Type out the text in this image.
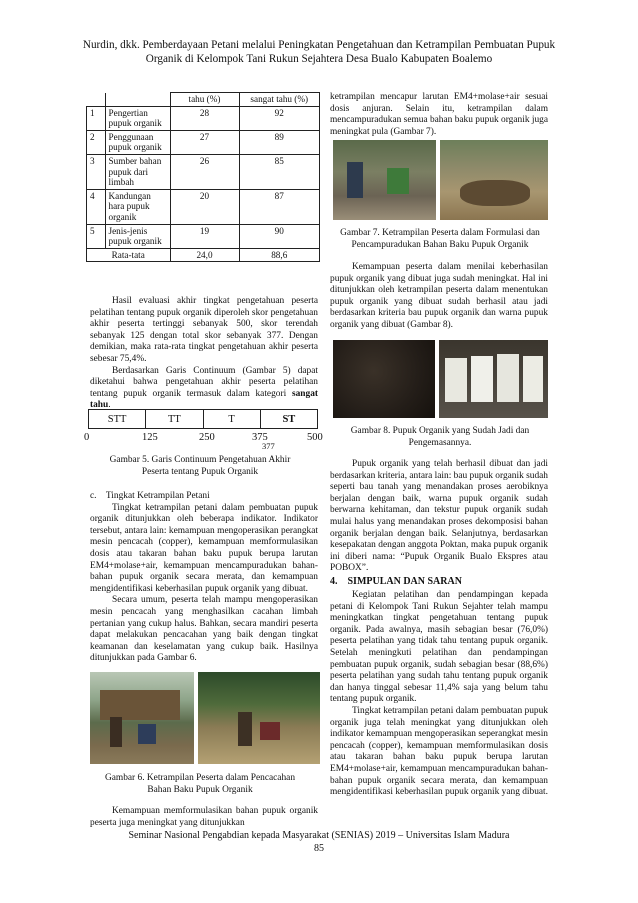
Nurdin, dkk. Pemberdayaan Petani melalui Peningkatan Pengetahuan dan Ketrampilan Pembuatan Pupuk
Organik di Kelompok Tani Rukun Sejahtera Desa Bualo Kabupaten Boalemo
		tahu (%)	sangat tahu (%)
1	Pengertian pupuk organik	28	92
2	Penggunaan pupuk organik	27	89
3	Sumber bahan pupuk dari limbah	26	85
4	Kandungan hara pupuk organik	20	87
5	Jenis-jenis pupuk organik	19	90
Rata-tata		24,0	88,6

Hasil evaluasi akhir tingkat pengetahuan peserta pelatihan tentang pupuk organik diperoleh skor pengetahuan akhir peserta tertinggi sebanyak 500, skor terendah sebanyak 125 dengan total skor sebanyak 377. Dengan demikian, maka rata-rata tingkat pengetahuan akhir peserta sebesar 75,4%.

Berdasarkan Garis Continuum (Gambar 5) dapat diketahui bahwa pengetahuan akhir peserta pelatihan tentang pupuk organik termasuk dalam kategori sangat tahu.

STT	TT	T	ST
0	125	250	375
377
500
Gambar 5. Garis Continuum Pengetahuan Akhir
Peserta tentang Pupuk Organik

c. Tingkat Ketrampilan Petani

Tingkat ketrampilan petani dalam pembuatan pupuk organik ditunjukkan oleh beberapa indikator. Indikator tersebut, antara lain: kemampuan mengoperasikan perangkat mesin pencacah (copper), kemampuan memformulasikan dosis atau takaran bahan baku pupuk berupa larutan EM4+molase+air, kemampuan mencampuradukan bahan-bahan pupuk organik secara merata, dan kemampuan mengidentifikasi keberhasilan pupuk organik yang dibuat.

Secara umum, peserta telah mampu mengoperasikan mesin pencacah yang menghasilkan cacahan limbah pertanian yang cukup halus. Bahkan, secara mandiri peserta dapat melakukan pencacahan yang baik dengan tingkat keamanan dan keselamatan yang cukup baik. Hasilnya ditunjukkan pada Gambar 6.

Gambar 6. Ketrampilan Peserta dalam Pencacahan
Bahan Baku Pupuk Organik

Kemampuan memformulasikan bahan pupuk organik peserta juga meningkat yang ditunjukkan

ketrampilan mencapur larutan EM4+molase+air sesuai dosis anjuran. Selain itu, ketrampilan dalam mencampuradukan semua bahan baku pupuk organik juga meningkat pula (Gambar 7).

Gambar 7. Ketrampilan Peserta dalam Formulasi dan
Pencampuradukan Bahan Baku Pupuk Organik

Kemampuan peserta dalam menilai keberhasilan pupuk organik yang dibuat juga sudah meningkat. Hal ini ditunjukkan oleh ketrampilan peserta dalam menentukan pupuk organik yang dibuat sudah berhasil atau jadi berdasarkan kriteria bau pupuk organik dan warna pupuk organik yang dibuat (Gambar 8).

Gambar 8. Pupuk Organik yang Sudah Jadi dan
Pengemasannya.

Pupuk organik yang telah berhasil dibuat dan jadi berdasarkan kriteria, antara lain: bau pupuk organik sudah seperti bau tanah yang menandakan proses aerobiknya berjalan dengan baik, warna pupuk organik sudah berwarna kehitaman, dan tekstur pupuk organik sudah mulai halus yang menandakan proses dekomposisi bahan organik berjalan dengan baik. Selanjutnya, berdasarkan kesepakatan dengan anggota Poktan, maka pupuk organik ini diberi nama: “Pupuk Organik Bualo Ekspres atau POBOX”.

4. SIMPULAN DAN SARAN

Kegiatan pelatihan dan pendampingan kepada petani di Kelompok Tani Rukun Sejahter telah mampu meningkatkan tingkat pengetahuan tentang pupuk organik. Pada awalnya, masih sebagian besar (76,0%) peserta pelatihan yang tidak tahu tentang pupuk organik. Setelah meningkuti pelatihan dan pendampingan pembuatan pupuk organik, sudah sebagian besar (88,6%) peserta pelatihan yang sudah tahu tentang pupuk organik dan hanya tinggal sebesar 11,4% saja yang belum tahu tentang pupuk organik.

Tingkat ketrampilan petani dalam pembuatan pupuk organik juga telah meningkat yang ditunjukkan oleh indikator kemampuan mengoperasikan seperangkat mesin pencacah (copper), kemampuan memformulasikan dosis atau takaran bahan baku pupuk berupa larutan EM4+molase+air, kemampuan mencampuradukan bahan-bahan pupuk organik secara merata, dan kemampuan mengidentifikasi keberhasilan pupuk organik yang dibuat.

Seminar Nasional Pengabdian kepada Masyarakat (SENIAS) 2019 – Universitas Islam Madura
85
